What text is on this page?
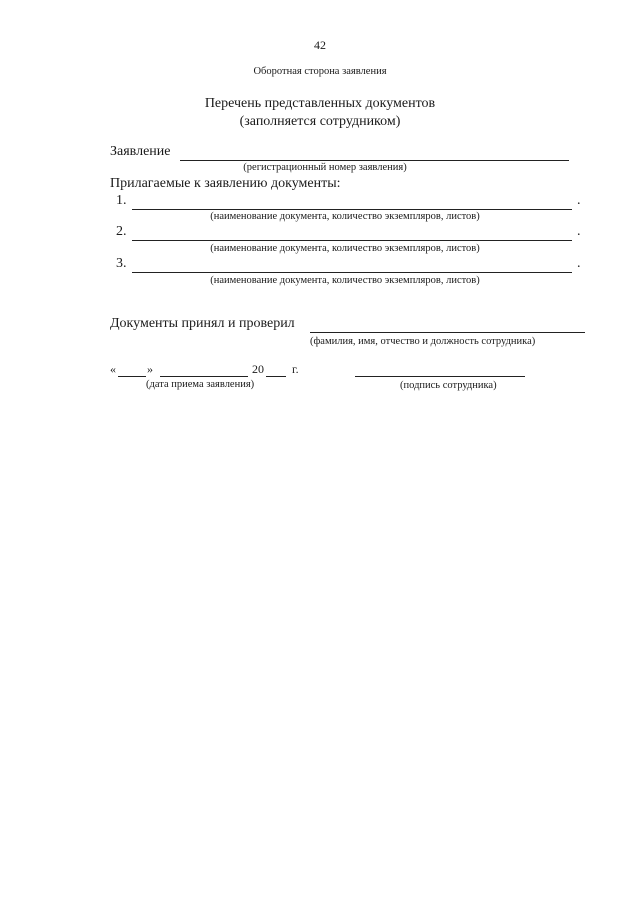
42
Оборотная сторона заявления
Перечень представленных документов
(заполняется сотрудником)
Заявление
(регистрационный номер заявления)
Прилагаемые к заявлению документы:
1.	.
(наименование документа, количество экземпляров, листов)
2.	.
(наименование документа, количество экземпляров, листов)
3.	.
(наименование документа, количество экземпляров, листов)
Документы принял и проверил
(фамилия, имя, отчество и должность сотрудника)
«	»	20 г.
(дата приема заявления)	(подпись сотрудника)
